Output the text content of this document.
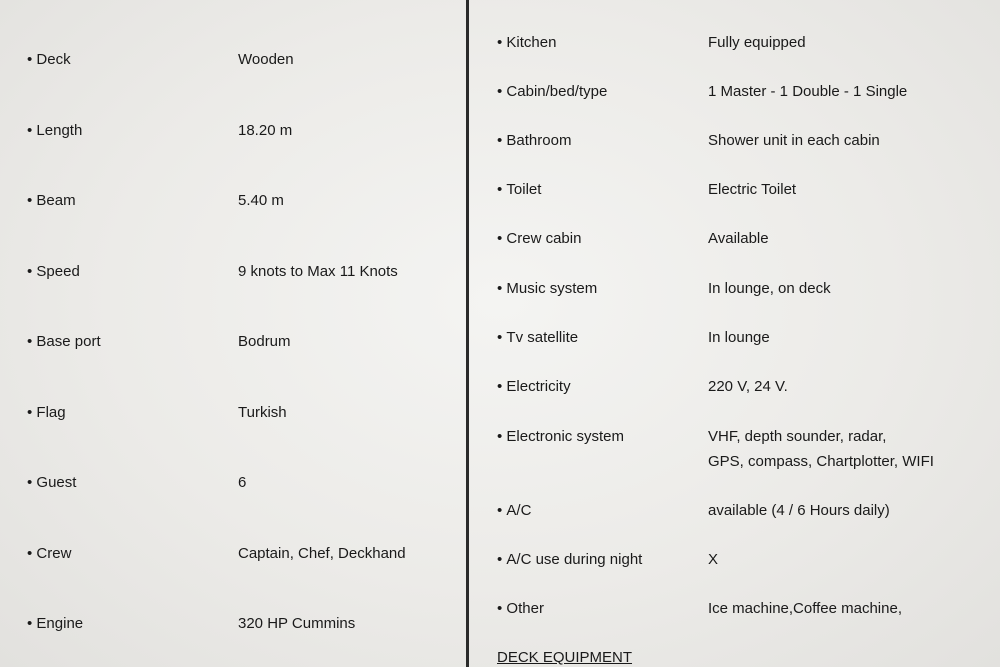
• Deck	Wooden
• Length	18.20 m
• Beam	5.40 m
• Speed	9 knots to Max 11 Knots
• Base port	Bodrum
• Flag	Turkish
• Guest	6
• Crew	Captain, Chef, Deckhand
• Engine	320 HP Cummins
• Kitchen	Fully equipped
• Cabin/bed/type	1 Master - 1 Double - 1 Single
• Bathroom	Shower unit in each cabin
• Toilet	Electric Toilet
• Crew cabin	Available
• Music system	In lounge, on deck
• Tv satellite	In lounge
• Electricity	220 V, 24 V.
• Electronic system	VHF, depth sounder, radar,
GPS, compass, Chartplotter, WIFI
• A/C	available (4 / 6 Hours daily)
• A/C use during night	X
• Other	Ice machine,Coffee machine,
DECK EQUIPMENT
